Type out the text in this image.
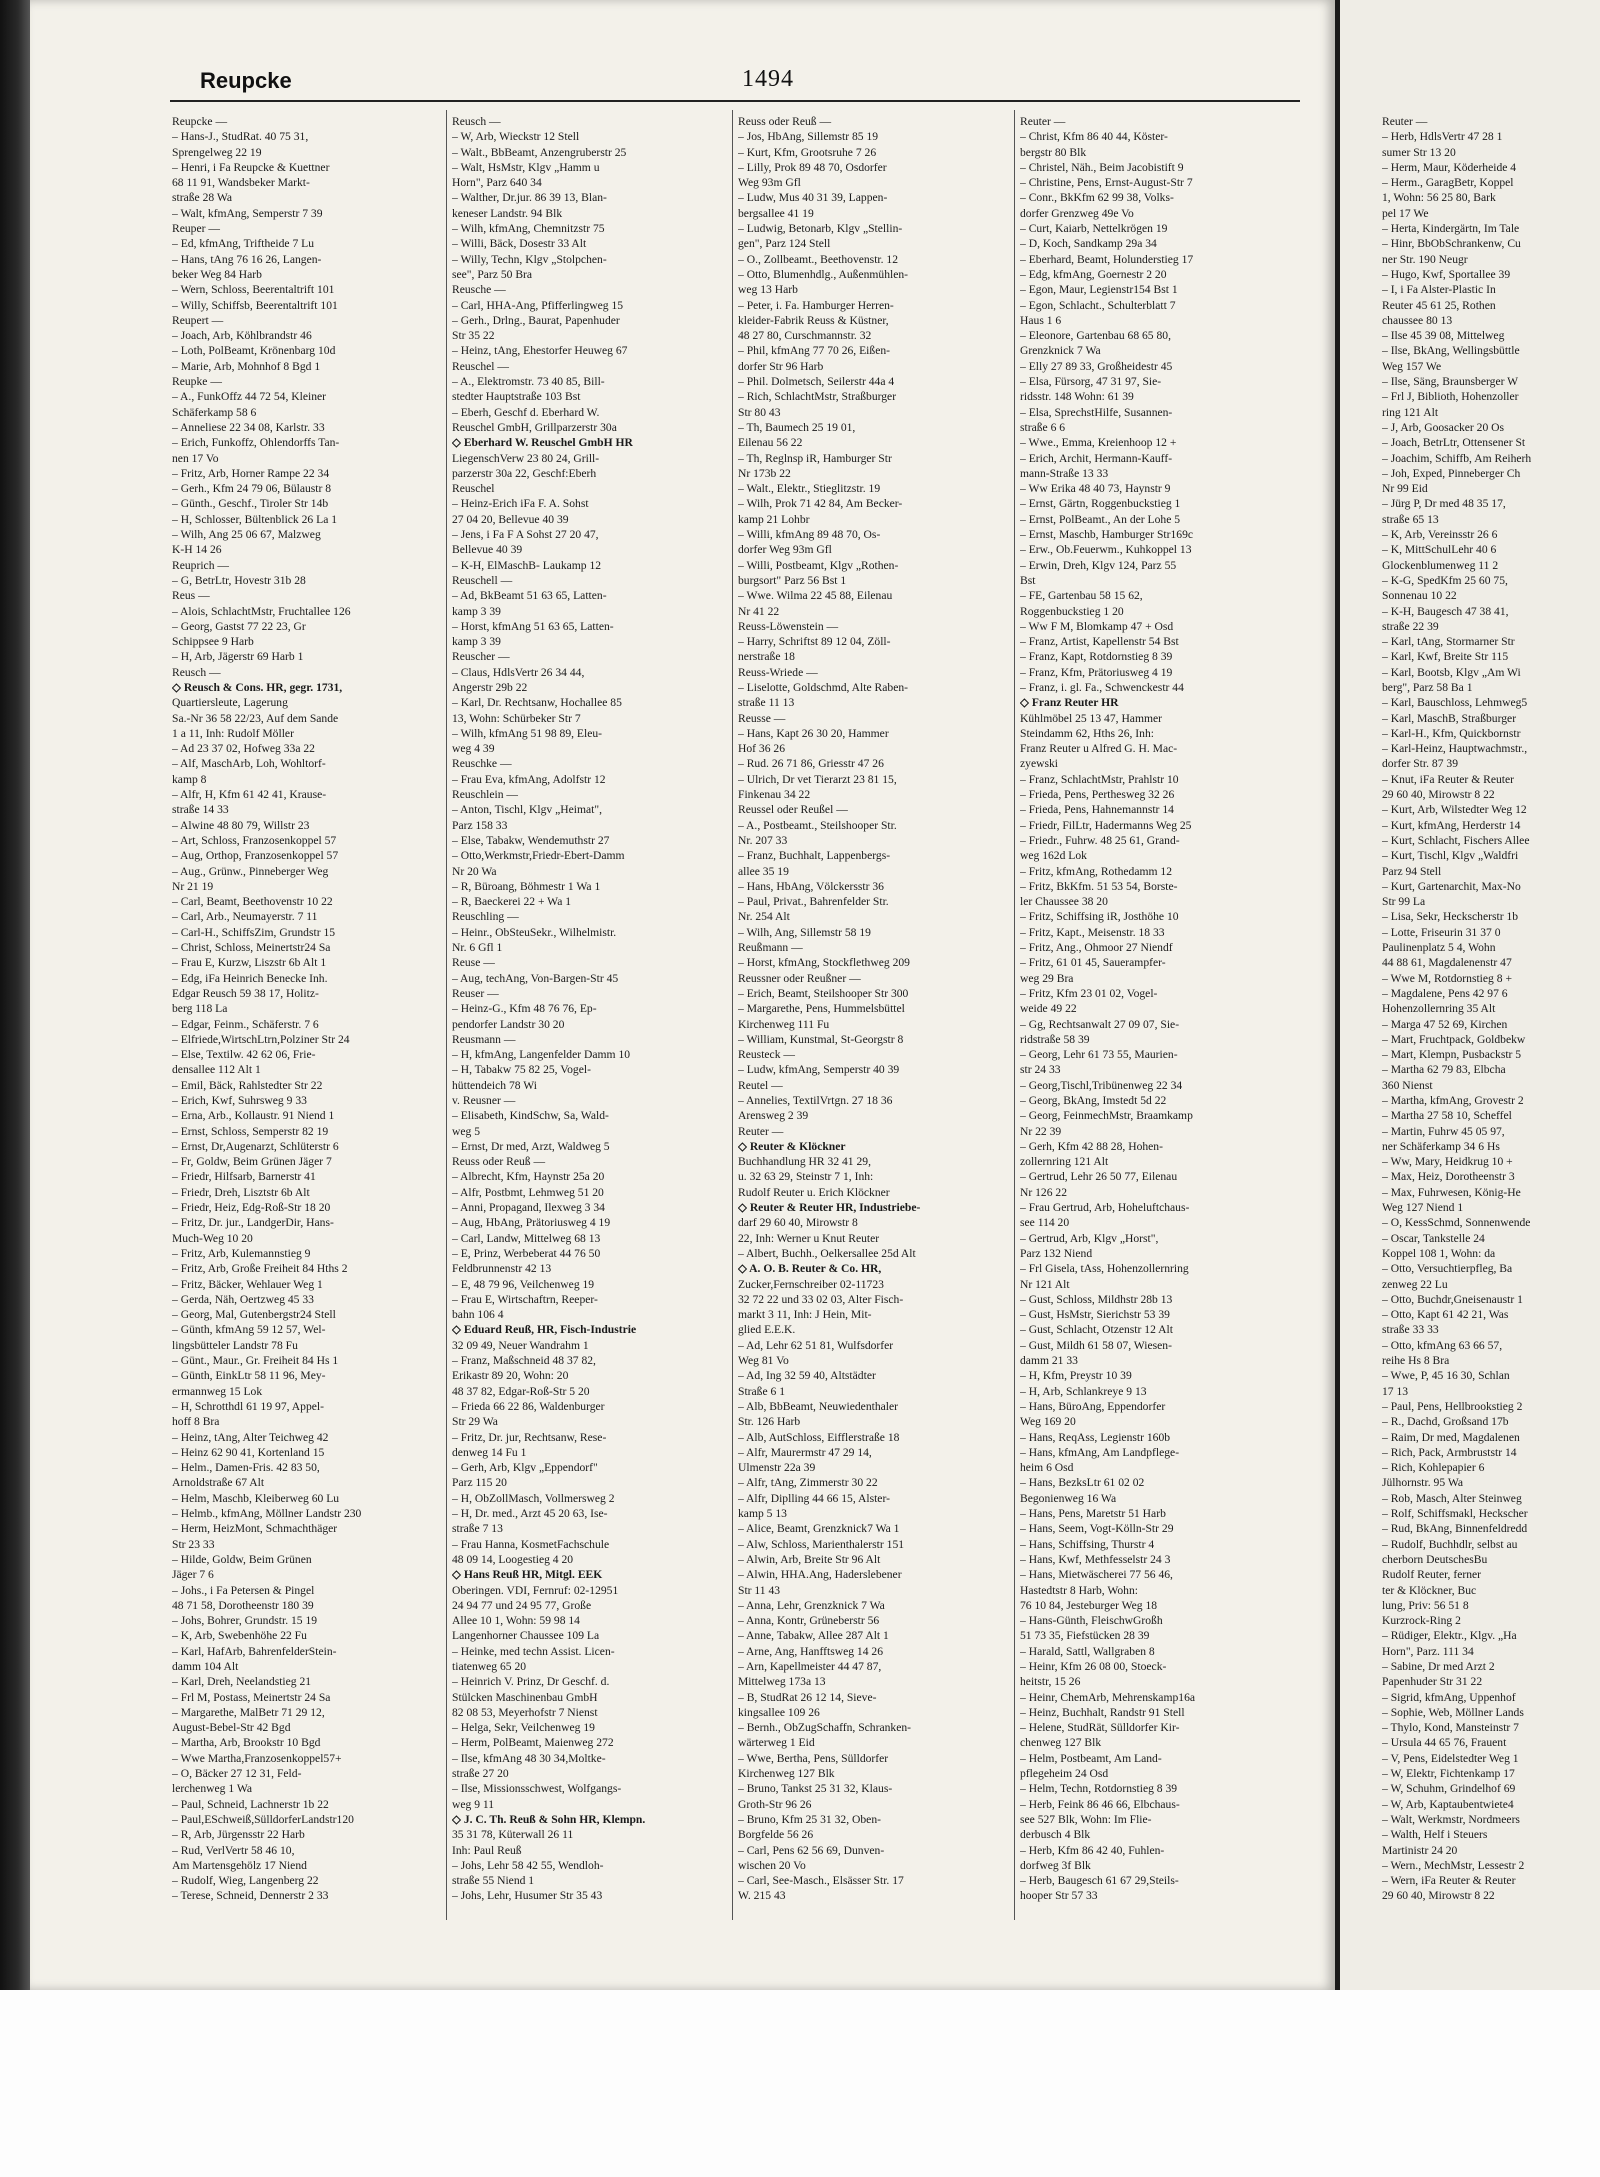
Reupcke	1494
Reupcke —
– Hans-J., StudRat. 40 75 31,
Sprengelweg 22 19
– Henri, i Fa Reupcke & Kuettner
68 11 91, Wandsbeker Markt-
straße 28 Wa
– Walt, kfmAng, Semperstr 7 39
Reuper —
– Ed, kfmAng, Triftheide 7 Lu
– Hans, tAng 76 16 26, Langen-
beker Weg 84 Harb
– Wern, Schloss, Beerentaltrift 101
– Willy, Schiffsb, Beerentaltrift 101
Reupert —
– Joach, Arb, Köhlbrandstr 46
– Loth, PolBeamt, Krönenbarg 10d
– Marie, Arb, Mohnhof 8 Bgd 1
Reupke —
– A., FunkOffz 44 72 54, Kleiner
Schäferkamp 58 6
– Anneliese 22 34 08, Karlstr. 33
– Erich, Funkoffz, Ohlendorffs Tan-
nen 17 Vo
– Fritz, Arb, Horner Rampe 22 34
– Gerh., Kfm 24 79 06, Bülaustr 8
– Günth., Geschf., Tiroler Str 14b
– H, Schlosser, Bültenblick 26 La 1
– Wilh, Ang 25 06 67, Malzweg
K-H 14 26
Reuprich —
– G, BetrLtr, Hovestr 31b 28
Reus —
– Alois, SchlachtMstr, Fruchtallee 126
– Georg, Gastst 77 22 23, Gr
Schippsee 9 Harb
– H, Arb, Jägerstr 69 Harb 1
Reusch —
◇ Reusch & Cons. HR, gegr. 1731,
Quartiersleute, Lagerung
Sa.-Nr 36 58 22/23, Auf dem Sande
1 a 11, Inh: Rudolf Möller
– Ad 23 37 02, Hofweg 33a 22
– Alf, MaschArb, Loh, Wohltorf-
kamp 8
– Alfr, H, Kfm 61 42 41, Krause-
straße 14 33
– Alwine 48 80 79, Willstr 23
– Art, Schloss, Franzosenkoppel 57
– Aug, Orthop, Franzosenkoppel 57
– Aug., Grünw., Pinneberger Weg
Nr 21 19
– Carl, Beamt, Beethovenstr 10 22
– Carl, Arb., Neumayerstr. 7 11
– Carl-H., SchiffsZim, Grundstr 15
– Christ, Schloss, Meinertstr24 Sa
– Frau E, Kurzw, Liszstr 6b Alt 1
– Edg, iFa Heinrich Benecke Inh.
Edgar Reusch 59 38 17, Holitz-
berg 118 La
– Edgar, Feinm., Schäferstr. 7 6
– Elfriede,WirtschLtrn,Polziner Str 24
– Else, Textilw. 42 62 06, Frie-
densallee 112 Alt 1
– Emil, Bäck, Rahlstedter Str 22
– Erich, Kwf, Suhrsweg 9 33
– Erna, Arb., Kollaustr. 91 Niend 1
– Ernst, Schloss, Semperstr 82 19
– Ernst, Dr,Augenarzt, Schlüterstr 6
– Fr, Goldw, Beim Grünen Jäger 7
– Friedr, Hilfsarb, Barnerstr 41
– Friedr, Dreh, Lisztstr 6b Alt
– Friedr, Heiz, Edg-Roß-Str 18 20
– Fritz, Dr. jur., LandgerDir, Hans-
Much-Weg 10 20
– Fritz, Arb, Kulemannstieg 9
– Fritz, Arb, Große Freiheit 84 Hths 2
– Fritz, Bäcker, Wehlauer Weg 1
– Gerda, Näh, Oertzweg 45 33
– Georg, Mal, Gutenbergstr24 Stell
– Günth, kfmAng 59 12 57, Wel-
lingsbütteler Landstr 78 Fu
– Günt., Maur., Gr. Freiheit 84 Hs 1
– Günth, EinkLtr 58 11 96, Mey-
ermannweg 15 Lok
– H, Schrotthdl 61 19 97, Appel-
hoff 8 Bra
– Heinz, tAng, Alter Teichweg 42
– Heinz 62 90 41, Kortenland 15
– Helm., Damen-Fris. 42 83 50,
Arnoldstraße 67 Alt
– Helm, Maschb, Kleiberweg 60 Lu
– Helmb., kfmAng, Möllner Landstr 230
– Herm, HeizMont, Schmachthäger
Str 23 33
– Hilde, Goldw, Beim Grünen
Jäger 7 6
– Johs., i Fa Petersen & Pingel
48 71 58, Dorotheenstr 180 39
– Johs, Bohrer, Grundstr. 15 19
– K, Arb, Swebenhöhe 22 Fu
– Karl, HafArb, BahrenfelderStein-
damm 104 Alt
– Karl, Dreh, Neelandstieg 21
– Frl M, Postass, Meinertstr 24 Sa
– Margarethe, MalBetr 71 29 12,
August-Bebel-Str 42 Bgd
– Martha, Arb, Brookstr 10 Bgd
– Wwe Martha,Franzosenkoppel57+
– O, Bäcker 27 12 31, Feld-
lerchenweg 1 Wa
– Paul, Schneid, Lachnerstr 1b 22
– Paul,ESchweiß,SülldorferLandstr120
– R, Arb, Jürgensstr 22 Harb
– Rud, VerlVertr 58 46 10,
Am Martensgehölz 17 Niend
– Rudolf, Wieg, Langenberg 22
– Terese, Schneid, Dennerstr 2 33
Reusch —
– W, Arb, Wieckstr 12 Stell
– Walt., BbBeamt, Anzengruberstr 25
– Walt, HsMstr, Klgv „Hamm u
Horn", Parz 640 34
– Walther, Dr.jur. 86 39 13, Blan-
keneser Landstr. 94 Blk
– Wilh, kfmAng, Chemnitzstr 75
– Willi, Bäck, Dosestr 33 Alt
– Willy, Techn, Klgv „Stolpchen-
see", Parz 50 Bra
Reusche —
– Carl, HHA-Ang, Pfifferlingweg 15
– Gerh., Drlng., Baurat, Papenhuder
Str 35 22
– Heinz, tAng, Ehestorfer Heuweg 67
Reuschel —
– A., Elektromstr. 73 40 85, Bill-
stedter Hauptstraße 103 Bst
– Eberh, Geschf d. Eberhard W.
Reuschel GmbH, Grillparzerstr 30a
◇ Eberhard W. Reuschel GmbH HR
LiegenschVerw 23 80 24, Grill-
parzerstr 30a 22, Geschf:Eberh
Reuschel
– Heinz-Erich iFa F. A. Sohst
27 04 20, Bellevue 40 39
– Jens, i Fa F A Sohst 27 20 47,
Bellevue 40 39
– K-H, ElMaschB- Laukamp 12
Reuschell —
– Ad, BkBeamt 51 63 65, Latten-
kamp 3 39
– Horst, kfmAng 51 63 65, Latten-
kamp 3 39
Reuscher —
– Claus, HdlsVertr 26 34 44,
Angerstr 29b 22
– Karl, Dr. Rechtsanw, Hochallee 85
13, Wohn: Schürbeker Str 7
– Wilh, kfmAng 51 98 89, Eleu-
weg 4 39
Reuschke —
– Frau Eva, kfmAng, Adolfstr 12
Reuschlein —
– Anton, Tischl, Klgv „Heimat",
Parz 158 33
– Else, Tabakw, Wendemuthstr 27
– Otto,Werkmstr,Friedr-Ebert-Damm
Nr 20 Wa
– R, Büroang, Böhmestr 1 Wa 1
– R, Baeckerei 22 + Wa 1
Reuschling —
– Heinr., ObSteuSekr., Wilhelmistr.
Nr. 6 Gfl 1
Reuse —
– Aug, techAng, Von-Bargen-Str 45
Reuser —
– Heinz-G., Kfm 48 76 76, Ep-
pendorfer Landstr 30 20
Reusmann —
– H, kfmAng, Langenfelder Damm 10
– H, Tabakw 75 82 25, Vogel-
hüttendeich 78 Wi
v. Reusner —
– Elisabeth, KindSchw, Sa, Wald-
weg 5
– Ernst, Dr med, Arzt, Waldweg 5
Reuss oder Reuß —
– Albrecht, Kfm, Haynstr 25a 20
– Alfr, Postbmt, Lehmweg 51 20
– Anni, Propagand, Ilexweg 3 34
– Aug, HbAng, Prätoriusweg 4 19
– Carl, Landw, Mittelweg 68 13
– E, Prinz, Werbeberat 44 76 50
Feldbrunnenstr 42 13
– E, 48 79 96, Veilchenweg 19
– Frau E, Wirtschaftrn, Reeper-
bahn 106 4
◇ Eduard Reuß, HR, Fisch-Industrie
32 09 49, Neuer Wandrahm 1
– Franz, Maßschneid 48 37 82,
Erikastr 89 20, Wohn: 20
48 37 82, Edgar-Roß-Str 5 20
– Frieda 66 22 86, Waldenburger
Str 29 Wa
– Fritz, Dr. jur, Rechtsanw, Rese-
denweg 14 Fu 1
– Gerh, Arb, Klgv „Eppendorf"
Parz 115 20
– H, ObZollMasch, Vollmersweg 2
– H, Dr. med., Arzt 45 20 63, Ise-
straße 7 13
– Frau Hanna, KosmetFachschule
48 09 14, Loogestieg 4 20
◇ Hans Reuß HR, Mitgl. EEK
Oberingen. VDI, Fernruf: 02-12951
24 94 77 und 24 95 77, Große
Allee 10 1, Wohn: 59 98 14
Langenhorner Chaussee 109 La
– Heinke, med techn Assist. Licen-
tiatenweg 65 20
– Heinrich V. Prinz, Dr Geschf. d.
Stülcken Maschinenbau GmbH
82 08 53, Meyerhofstr 7 Nienst
– Helga, Sekr, Veilchenweg 19
– Herm, PolBeamt, Maienweg 272
– Ilse, kfmAng 48 30 34,Moltke-
straße 27 20
– Ilse, Missionsschwest, Wolfgangs-
weg 9 11
◇ J. C. Th. Reuß & Sohn HR, Klempn.
35 31 78, Küterwall 26 11
Inh: Paul Reuß
– Johs, Lehr 58 42 55, Wendloh-
straße 55 Niend 1
– Johs, Lehr, Husumer Str 35 43
Reuss oder Reuß —
– Jos, HbAng, Sillemstr 85 19
– Kurt, Kfm, Grootsruhe 7 26
– Lilly, Prok 89 48 70, Osdorfer
Weg 93m Gfl
– Ludw, Mus 40 31 39, Lappen-
bergsallee 41 19
– Ludwig, Betonarb, Klgv „Stellin-
gen", Parz 124 Stell
– O., Zollbeamt., Beethovenstr. 12
– Otto, Blumenhdlg., Außenmühlen-
weg 13 Harb
– Peter, i. Fa. Hamburger Herren-
kleider-Fabrik Reuss & Küstner,
48 27 80, Curschmannstr. 32
– Phil, kfmAng 77 70 26, Eißen-
dorfer Str 96 Harb
– Phil. Dolmetsch, Seilerstr 44a 4
– Rich, SchlachtMstr, Straßburger
Str 80 43
– Th, Baumech 25 19 01,
Eilenau 56 22
– Th, Reglnsp iR, Hamburger Str
Nr 173b 22
– Walt., Elektr., Stieglitzstr. 19
– Wilh, Prok 71 42 84, Am Becker-
kamp 21 Lohbr
– Willi, kfmAng 89 48 70, Os-
dorfer Weg 93m Gfl
– Willi, Postbeamt, Klgv „Rothen-
burgsort" Parz 56 Bst 1
– Wwe. Wilma 22 45 88, Eilenau
Nr 41 22
Reuss-Löwenstein —
– Harry, Schriftst 89 12 04, Zöll-
nerstraße 18
Reuss-Wriede —
– Liselotte, Goldschmd, Alte Raben-
straße 11 13
Reusse —
– Hans, Kapt 26 30 20, Hammer
Hof 36 26
– Rud. 26 71 86, Griesstr 47 26
– Ulrich, Dr vet Tierarzt 23 81 15,
Finkenau 34 22
Reussel oder Reußel —
– A., Postbeamt., Steilshooper Str.
Nr. 207 33
– Franz, Buchhalt, Lappenbergs-
allee 35 19
– Hans, HbAng, Völckersstr 36
– Paul, Privat., Bahrenfelder Str.
Nr. 254 Alt
– Wilh, Ang, Sillemstr 58 19
Reußmann —
– Horst, kfmAng, Stockflethweg 209
Reussner oder Reußner —
– Erich, Beamt, Steilshooper Str 300
– Margarethe, Pens, Hummelsbüttel
Kirchenweg 111 Fu
– William, Kunstmal, St-Georgstr 8
Reusteck —
– Ludw, kfmAng, Semperstr 40 39
Reutel —
– Annelies, TextilVrtgn. 27 18 36
Arensweg 2 39
Reuter —
◇ Reuter & Klöckner
Buchhandlung HR 32 41 29,
u. 32 63 29, Steinstr 7 1, Inh:
Rudolf Reuter u. Erich Klöckner
◇ Reuter & Reuter HR, Industriebe-
darf 29 60 40, Mirowstr 8
22, Inh: Werner u Knut Reuter
– Albert, Buchh., Oelkersallee 25d Alt
◇ A. O. B. Reuter & Co. HR,
Zucker,Fernschreiber 02-11723
32 72 22 und 33 02 03, Alter Fisch-
markt 3 11, Inh: J Hein, Mit-
glied E.E.K.
– Ad, Lehr 62 51 81, Wulfsdorfer
Weg 81 Vo
– Ad, Ing 32 59 40, Altstädter
Straße 6 1
– Alb, BbBeamt, Neuwiedenthaler
Str. 126 Harb
– Alb, AutSchloss, Eifflerstraße 18
– Alfr, Maurermstr 47 29 14,
Ulmenstr 22a 39
– Alfr, tAng, Zimmerstr 30 22
– Alfr, Diplling 44 66 15, Alster-
kamp 5 13
– Alice, Beamt, Grenzknick7 Wa 1
– Alw, Schloss, Marienthalerstr 151
– Alwin, Arb, Breite Str 96 Alt
– Alwin, HHA.Ang, Haderslebener
Str 11 43
– Anna, Lehr, Grenzknick 7 Wa
– Anna, Kontr, Grüneberstr 56
– Anne, Tabakw, Allee 287 Alt 1
– Arne, Ang, Hanfftsweg 14 26
– Arn, Kapellmeister 44 47 87,
Mittelweg 173a 13
– B, StudRat 26 12 14, Sieve-
kingsallee 109 26
– Bernh., ObZugSchaffn, Schranken-
wärterweg 1 Eid
– Wwe, Bertha, Pens, Sülldorfer
Kirchenweg 127 Blk
– Bruno, Tankst 25 31 32, Klaus-
Groth-Str 96 26
– Bruno, Kfm 25 31 32, Oben-
Borgfelde 56 26
– Carl, Pens 62 56 69, Dunven-
wischen 20 Vo
– Carl, See-Masch., Elsässer Str. 17
W. 215 43
Reuter —
– Christ, Kfm 86 40 44, Köster-
bergstr 80 Blk
– Christel, Näh., Beim Jacobistift 9
– Christine, Pens, Ernst-August-Str 7
– Conr., BkKfm 62 99 38, Volks-
dorfer Grenzweg 49e Vo
– Curt, Kaiarb, Nettelkrögen 19
– D, Koch, Sandkamp 29a 34
– Eberhard, Beamt, Holunderstieg 17
– Edg, kfmAng, Goernestr 2 20
– Egon, Maur, Legienstr154 Bst 1
– Egon, Schlacht., Schulterblatt 7
Haus 1 6
– Eleonore, Gartenbau 68 65 80,
Grenzknick 7 Wa
– Elly 27 89 33, Großheidestr 45
– Elsa, Fürsorg, 47 31 97, Sie-
ridsstr. 148 Wohn: 61 39
– Elsa, SprechstHilfe, Susannen-
straße 6 6
– Wwe., Emma, Kreienhoop 12 +
– Erich, Archit, Hermann-Kauff-
mann-Straße 13 33
– Ww Erika 48 40 73, Haynstr 9
– Ernst, Gärtn, Roggenbuckstieg 1
– Ernst, PolBeamt., An der Lohe 5
– Ernst, Maschb, Hamburger Str169c
– Erw., Ob.Feuerwm., Kuhkoppel 13
– Erwin, Dreh, Klgv 124, Parz 55
Bst
– FE, Gartenbau 58 15 62,
Roggenbuckstieg 1 20
– Ww F M, Blomkamp 47 + Osd
– Franz, Artist, Kapellenstr 54 Bst
– Franz, Kapt, Rotdornstieg 8 39
– Franz, Kfm, Prätoriusweg 4 19
– Franz, i. gl. Fa., Schwenckestr 44
◇ Franz Reuter HR
Kühlmöbel 25 13 47, Hammer
Steindamm 62, Hths 26, Inh:
Franz Reuter u Alfred G. H. Mac-
zyewski
– Franz, SchlachtMstr, Prahlstr 10
– Frieda, Pens, Perthesweg 32 26
– Frieda, Pens, Hahnemannstr 14
– Friedr, FilLtr, Hadermanns Weg 25
– Friedr., Fuhrw. 48 25 61, Grand-
weg 162d Lok
– Fritz, kfmAng, Rothedamm 12
– Fritz, BkKfm. 51 53 54, Borste-
ler Chaussee 38 20
– Fritz, Schiffsing iR, Josthöhe 10
– Fritz, Kapt., Meisenstr. 18 33
– Fritz, Ang., Ohmoor 27 Niendf
– Fritz, 61 01 45, Sauerampfer-
weg 29 Bra
– Fritz, Kfm 23 01 02, Vogel-
weide 49 22
– Gg, Rechtsanwalt 27 09 07, Sie-
ridstraße 58 39
– Georg, Lehr 61 73 55, Maurien-
str 24 33
– Georg,Tischl,Tribünenweg 22 34
– Georg, BkAng, Imstedt 5d 22
– Georg, FeinmechMstr, Braamkamp
Nr 22 39
– Gerh, Kfm 42 88 28, Hohen-
zollernring 121 Alt
– Gertrud, Lehr 26 50 77, Eilenau
Nr 126 22
– Frau Gertrud, Arb, Hoheluftchaus-
see 114 20
– Gertrud, Arb, Klgv „Horst",
Parz 132 Niend
– Frl Gisela, tAss, Hohenzollernring
Nr 121 Alt
– Gust, Schloss, Mildhstr 28b 13
– Gust, HsMstr, Sierichstr 53 39
– Gust, Schlacht, Otzenstr 12 Alt
– Gust, Mildh 61 58 07, Wiesen-
damm 21 33
– H, Kfm, Preystr 10 39
– H, Arb, Schlankreye 9 13
– Hans, BüroAng, Eppendorfer
Weg 169 20
– Hans, ReqAss, Legienstr 160b
– Hans, kfmAng, Am Landpflege-
heim 6 Osd
– Hans, BezksLtr 61 02 02
Begonienweg 16 Wa
– Hans, Pens, Maretstr 51 Harb
– Hans, Seem, Vogt-Kölln-Str 29
– Hans, Schiffsing, Thurstr 4
– Hans, Kwf, Methfesselstr 24 3
– Hans, Mietwäscherei 77 56 46,
Hastedtstr 8 Harb, Wohn:
76 10 84, Jesteburger Weg 18
– Hans-Günth, FleischwGroßh
51 73 35, Fiefstücken 28 39
– Harald, Sattl, Wallgraben 8
– Heinr, Kfm 26 08 00, Stoeck-
heitstr, 15 26
– Heinr, ChemArb, Mehrenskamp16a
– Heinz, Buchhalt, Randstr 91 Stell
– Helene, StudRät, Sülldorfer Kir-
chenweg 127 Blk
– Helm, Postbeamt, Am Land-
pflegeheim 24 Osd
– Helm, Techn, Rotdornstieg 8 39
– Herb, Feink 86 46 66, Elbchaus-
see 527 Blk, Wohn: Im Flie-
derbusch 4 Blk
– Herb, Kfm 86 42 40, Fuhlen-
dorfweg 3f Blk
– Herb, Baugesch 61 67 29,Steils-
hooper Str 57 33
Reuter —
– Herb, HdlsVertr 47 28 1
sumer Str 13 20
– Herm, Maur, Köderheide 4
– Herm., GaragBetr, Koppel
1, Wohn: 56 25 80, Bark
pel 17 We
– Herta, Kindergärtn, Im Tale
– Hinr, BbObSchrankenw, Cu
ner Str. 190 Neugr
– Hugo, Kwf, Sportallee 39
– I, i Fa Alster-Plastic In
Reuter 45 61 25, Rothen
chaussee 80 13
– Ilse 45 39 08, Mittelweg
– Ilse, BkAng, Wellingsbüttle
Weg 157 We
– Ilse, Säng, Braunsberger W
– Frl J, Biblioth, Hohenzoller
ring 121 Alt
– J, Arb, Goosacker 20 Os
– Joach, BetrLtr, Ottensener St
– Joachim, Schiffb, Am Reiherh
– Joh, Exped, Pinneberger Ch
Nr 99 Eid
– Jürg P, Dr med 48 35 17,
straße 65 13
– K, Arb, Vereinsstr 26 6
– K, MittSchulLehr 40 6
Glockenblumenweg 11 2
– K-G, SpedKfm 25 60 75,
Sonnenau 10 22
– K-H, Baugesch 47 38 41,
straße 22 39
– Karl, tAng, Stormarner Str
– Karl, Kwf, Breite Str 115
– Karl, Bootsb, Klgv „Am Wi
berg", Parz 58 Ba 1
– Karl, Bauschloss, Lehmweg5
– Karl, MaschB, Straßburger
– Karl-H., Kfm, Quickbornstr
– Karl-Heinz, Hauptwachmstr.,
dorfer Str. 87 39
– Knut, iFa Reuter & Reuter
29 60 40, Mirowstr 8 22
– Kurt, Arb, Wilstedter Weg 12
– Kurt, kfmAng, Herderstr 14
– Kurt, Schlacht, Fischers Allee
– Kurt, Tischl, Klgv „Waldfri
Parz 94 Stell
– Kurt, Gartenarchit, Max-No
Str 99 La
– Lisa, Sekr, Heckscherstr 1b
– Lotte, Friseurin 31 37 0
Paulinenplatz 5 4, Wohn
44 88 61, Magdalenenstr 47
– Wwe M, Rotdornstieg 8 +
– Magdalene, Pens 42 97 6
Hohenzollernring 35 Alt
– Marga 47 52 69, Kirchen
– Mart, Fruchtpack, Goldbekw
– Mart, Klempn, Pusbackstr 5
– Martha 62 79 83, Elbcha
360 Nienst
– Martha, kfmAng, Grovestr 2
– Martha 27 58 10, Scheffel
– Martin, Fuhrw 45 05 97,
ner Schäferkamp 34 6 Hs
– Ww, Mary, Heidkrug 10 +
– Max, Heiz, Dorotheenstr 3
– Max, Fuhrwesen, König-He
Weg 127 Niend 1
– O, KessSchmd, Sonnenwende
– Oscar, Tankstelle 24
Koppel 108 1, Wohn: da
– Otto, Versuchtierpfleg, Ba
zenweg 22 Lu
– Otto, Buchdr,Gneisenaustr 1
– Otto, Kapt 61 42 21, Was
straße 33 33
– Otto, kfmAng 63 66 57,
reihe Hs 8 Bra
– Wwe, P, 45 16 30, Schlan
17 13
– Paul, Pens, Hellbrookstieg 2
– R., Dachd, Großsand 17b
– Raim, Dr med, Magdalenen
– Rich, Pack, Armbruststr 14
– Rich, Kohlepapier 6
Jülhornstr. 95 Wa
– Rob, Masch, Alter Steinweg
– Rolf, Schiffsmakl, Heckscher
– Rud, BkAng, Binnenfeldredd
– Rudolf, Buchhdlr, selbst au
cherborn DeutschesBu
Rudolf Reuter, ferner
ter & Klöckner, Buc
lung, Priv: 56 51 8
Kurzrock-Ring 2
– Rüdiger, Elektr., Klgv. „Ha
Horn", Parz. 111 34
– Sabine, Dr med Arzt 2
Papenhuder Str 31 22
– Sigrid, kfmAng, Uppenhof
– Sophie, Web, Möllner Lands
– Thylo, Kond, Mansteinstr 7
– Ursula 44 65 76, Frauent
– V, Pens, Eidelstedter Weg 1
– W, Elektr, Fichtenkamp 17
– W, Schuhm, Grindelhof 69
– W, Arb, Kaptaubentwiete4
– Walt, Werkmstr, Nordmeers
– Walth, Helf i Steuers
Martinistr 24 20
– Wern., MechMstr, Lessestr 2
– Wern, iFa Reuter & Reuter
29 60 40, Mirowstr 8 22
